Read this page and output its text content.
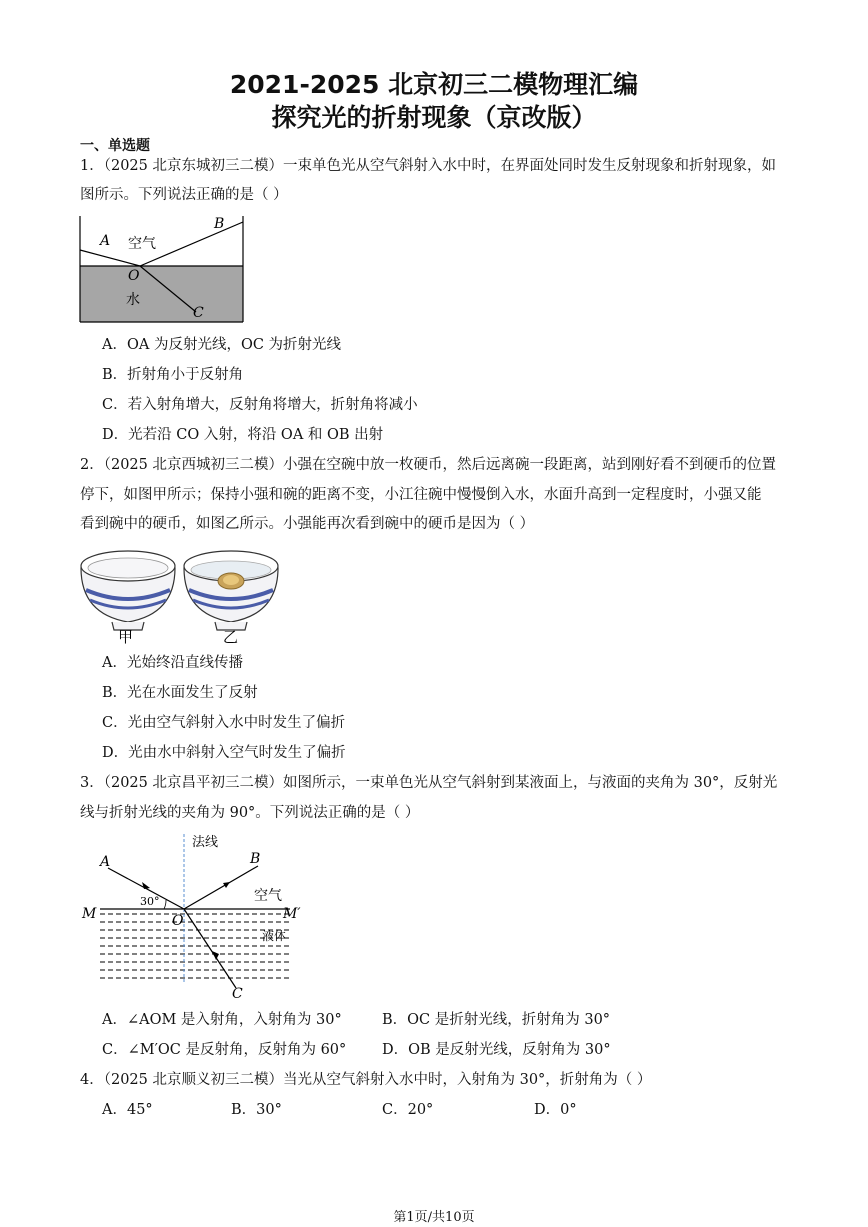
2021-2025 北京初三二模物理汇编
探究光的折射现象（京改版）
一、单选题
1．（2025 北京东城初三二模）一束单色光从空气斜射入水中时，在界面处同时发生反射现象和折射现象，如
图所示。下列说法正确的是（ ）
A
B
O
C
空气
水
A．OA 为反射光线，OC 为折射光线
B．折射角小于反射角
C．若入射角增大，反射角将增大，折射角将减小
D．光若沿 CO 入射，将沿 OA 和 OB 出射
2．（2025 北京西城初三二模）小强在空碗中放一枚硬币，然后远离碗一段距离，站到刚好看不到硬币的位置
停下，如图甲所示；保持小强和碗的距离不变，小江往碗中慢慢倒入水，水面升高到一定程度时，小强又能
看到碗中的硬币，如图乙所示。小强能再次看到碗中的硬币是因为（ ）
甲	乙
A．光始终沿直线传播
B．光在水面发生了反射
C．光由空气斜射入水中时发生了偏折
D．光由水中斜射入空气时发生了偏折
3．（2025 北京昌平初三二模）如图所示，一束单色光从空气斜射到某液面上，与液面的夹角为 30°，反射光
线与折射光线的夹角为 90°。下列说法正确的是（ ）
法线
A	B
C
M	M′
O
30°	空气
液体
A．∠AOM 是入射角，入射角为 30°	B．OC 是折射光线，折射角为 30°
C．∠M′OC 是反射角，反射角为 60° D．OB 是反射光线，反射角为 30°
4．（2025 北京顺义初三二模）当光从空气斜射入水中时，入射角为 30°，折射角为（ ）
A．45°	B．30°	C．20°	D．0°
第1页/共10页
